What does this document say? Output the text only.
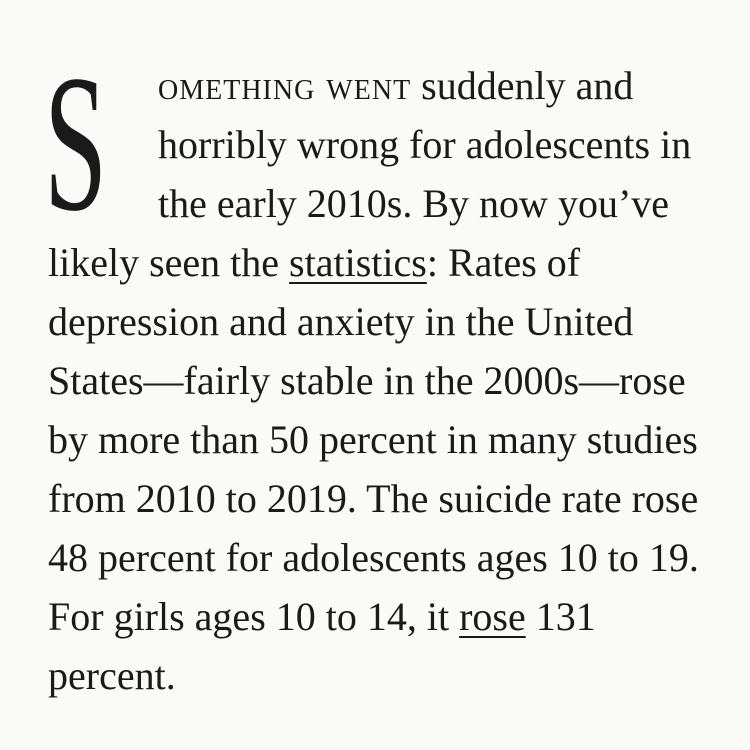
S omething went suddenly and
horribly wrong for adolescents in
the early 2010s. By now you’ve
likely seen the statistics: Rates of
depression and anxiety in the United
States—fairly stable in the 2000s—rose
by more than 50 percent in many studies
from 2010 to 2019. The suicide rate rose
48 percent for adolescents ages 10 to 19.
For girls ages 10 to 14, it rose 131
percent.
